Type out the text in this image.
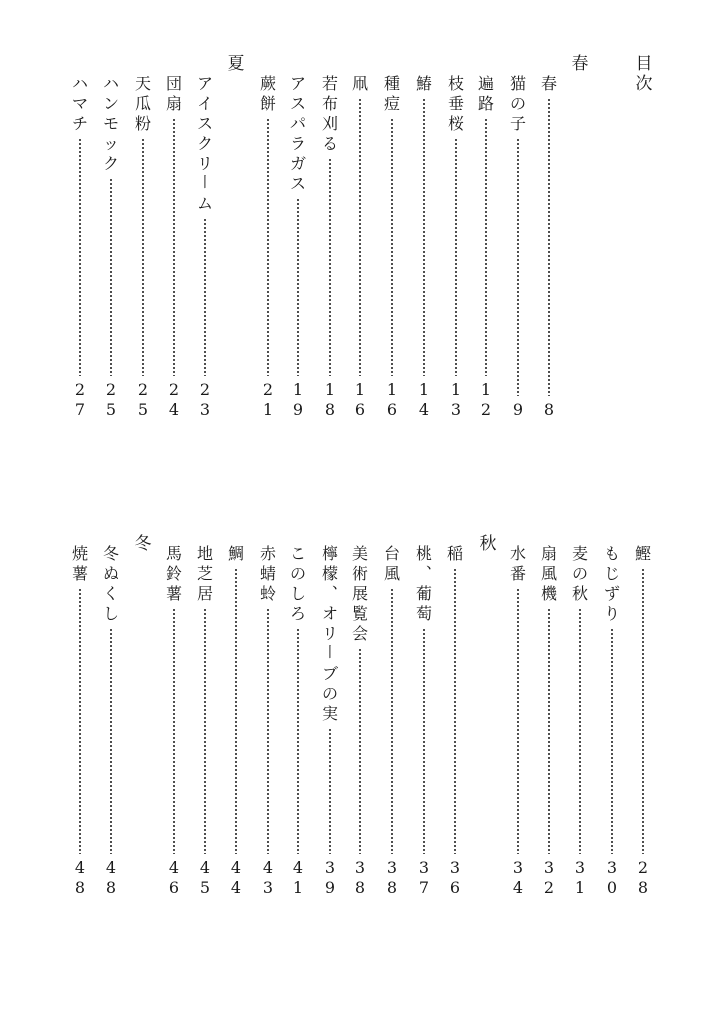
目
次
春
夏
秋
冬
春
8
猫
の
子
9
遍
路
1
2
枝
垂
桜
1
3
鰆
1
4
種
痘
1
6
凧
1
6
若
布
刈
る
1
8
ア
ス
パ
ラ
ガ
ス
1
9
蕨
餅
2
1
ア
イ
ス
ク
リ
丨
ム
2
3
団
扇
2
4
天
瓜
粉
2
5
ハ
ン
モ
ッ
ク
2
5
ハ
マ
チ
2
7
鰹
2
8
も
じ
ず
り
3
0
麦
の
秋
3
1
扇
風
機
3
2
水
番
3
4
稲
3
6
桃
︑
葡
萄
3
7
台
風
3
8
美
術
展
覧
会
3
8
檸
檬
︑
オ
リ
丨
ブ
の
実
3
9
こ
の
し
ろ
4
1
赤
蜻
蛉
4
3
鯛
4
4
地
芝
居
4
5
馬
鈴
薯
4
6
冬
ぬ
く
し
4
8
焼
薯
4
8
